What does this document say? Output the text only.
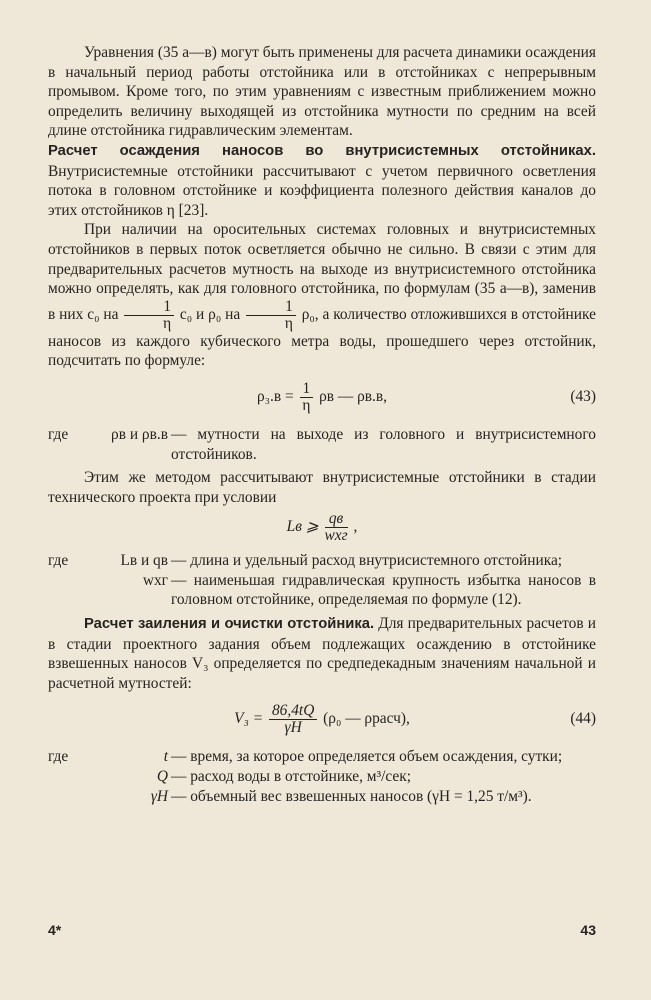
Уравнения (35 а—в) могут быть применены для расчета динамики осаждения в начальный период работы отстойника или в отстойниках с непрерывным промывом. Кроме того, по этим уравнениям с известным приближением можно определить величину выходящей из отстойника мутности по средним на всей длине отстойника гидравлическим элементам.

Расчет осаждения наносов во внутрисистемных отстойниках. Внутрисистемные отстойники рассчитывают с учетом первичного осветления потока в головном отстойнике и коэффициента полезного действия каналов до этих отстойников η [23].

При наличии на оросительных системах головных и внутрисистемных отстойников в первых поток осветляется обычно не сильно. В связи с этим для предварительных расчетов мутность на выходе из внутрисистемного отстойника можно определять, как для головного отстойника, по формулам (35 а—в), заменив в них c₀ на $\frac{1}{\eta} c_0$ и ρ₀ на $\frac{1}{\eta} \rho_0$, а количество отложившихся в отстойнике наносов из каждого кубического метра воды, прошедшего через отстойник, подсчитать по формуле:

$\rho_3.в = \frac{1}{\eta}$ ρв — ρв.в,	(43)
где	ρв и ρв.в — мутности на выходе из головного и внутрисистемного отстойников.

Этим же методом рассчитывают внутрисистемные отстойники в стадии технического проекта при условии

Lв ⩾ $\frac{qв}{\text{wхг}}$ ,
где	Lв и qв — длина и удельный расход внутрисистемного отстойника;
wхг — наименьшая гидравлическая крупность избытка наносов в головном отстойнике, определяемая по формуле (12).

Расчет заиления и очистки отстойника. Для предварительных расчетов и в стадии проектного задания объем подлежащих осаждению в отстойнике взвешенных наносов V₃ определяется по средпедекадным значениям начальной и расчетной мутностей:

$V_3 = \frac{86,4tQ}{\gamma H} (\rho_0$ — ρрасч),	(44)
где	t — время, за которое определяется объем осаждения, сутки;
Q — расход воды в отстойнике, м³/сек;
γH — объемный вес взвешенных наносов (γH = 1,25 т/м³).
4*	43
